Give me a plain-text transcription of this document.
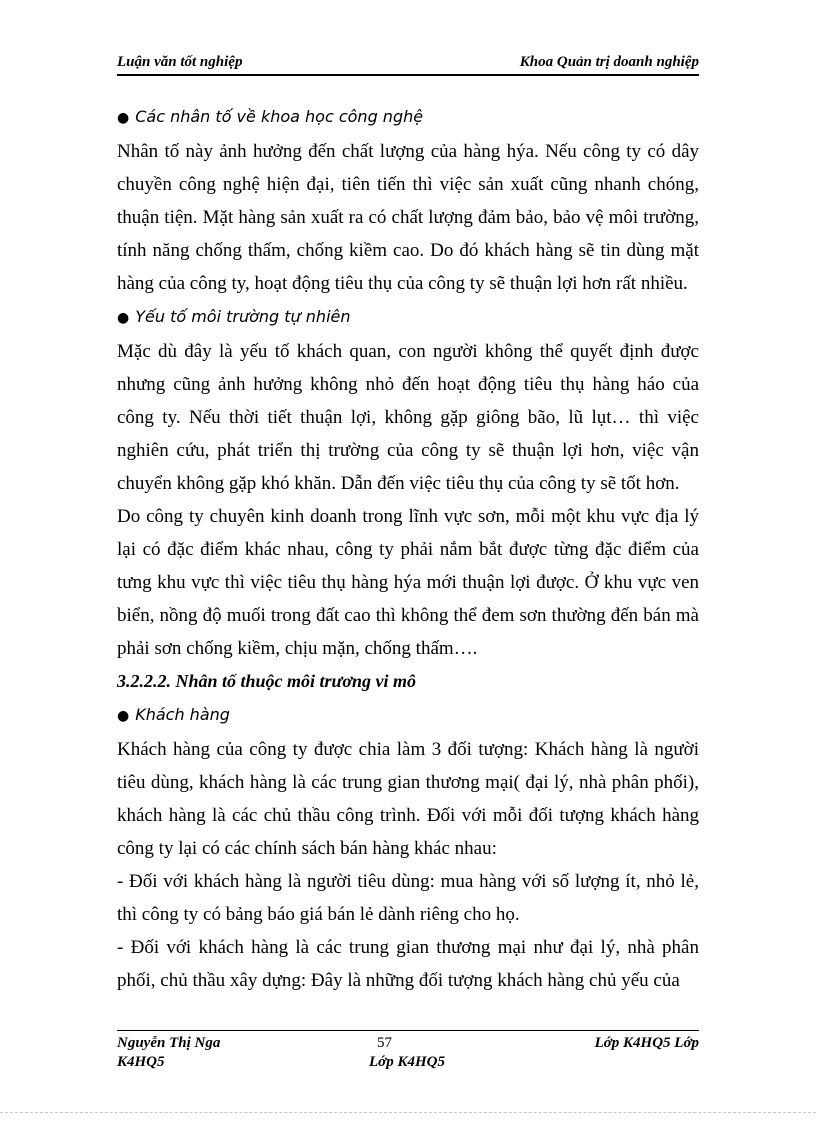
Luận văn tốt nghiệp	Khoa Quản trị doanh nghiệp
● Các nhân tố về khoa học công nghệ

Nhân tố này ảnh hưởng đến chất lượng của hàng hýa. Nếu công ty có dây chuyền công nghệ hiện đại, tiên tiến thì việc sản xuất cũng nhanh chóng, thuận tiện. Mặt hàng sản xuất ra có chất lượng đảm bảo, bảo vệ môi trường, tính năng chống thấm, chống kiềm cao. Do đó khách hàng sẽ tin dùng mặt hàng của công ty, hoạt động tiêu thụ của công ty sẽ thuận lợi hơn rất nhiều.

● Yếu tố môi trường tự nhiên

Mặc dù đây là yếu tố khách quan, con người không thể quyết định được nhưng cũng ảnh hưởng không nhỏ đến hoạt động tiêu thụ hàng háo của công ty. Nếu thời tiết thuận lợi, không gặp giông bão, lũ lụt… thì việc nghiên cứu, phát triển thị trường của công ty sẽ thuận lợi hơn, việc vận chuyển không gặp khó khăn. Dẫn đến việc tiêu thụ của công ty sẽ tốt hơn.

Do công ty chuyên kinh doanh trong lĩnh vực sơn, mỗi một khu vực địa lý lại có đặc điểm khác nhau, công ty phải nắm bắt được từng đặc điểm của tưng khu vực thì việc tiêu thụ hàng hýa mới thuận lợi được. Ở khu vực ven biển, nồng độ muối trong đất cao thì không thể đem sơn thường đến bán mà phải sơn chống kiềm, chịu mặn, chống thấm….

3.2.2.2. Nhân tố thuộc môi trương vi mô
● Khách hàng

Khách hàng của công ty được chia làm 3 đối tượng: Khách hàng là người tiêu dùng, khách hàng là các trung gian thương mại( đại lý, nhà phân phối), khách hàng là các chủ thầu công trình. Đối với mỗi đối tượng khách hàng công ty lại có các chính sách bán hàng khác nhau:

- Đối với khách hàng là người tiêu dùng: mua hàng với số lượng ít, nhỏ lẻ, thì công ty có bảng báo giá bán lẻ dành riêng cho họ.

- Đối với khách hàng là các trung gian thương mại như đại lý, nhà phân phối, chủ thầu xây dựng: Đây là những đối tượng khách hàng chủ yếu của

Nguyễn Thị Nga	57	Lớp K4HQ5 Lớp
K4HQ5	Lớp K4HQ5
